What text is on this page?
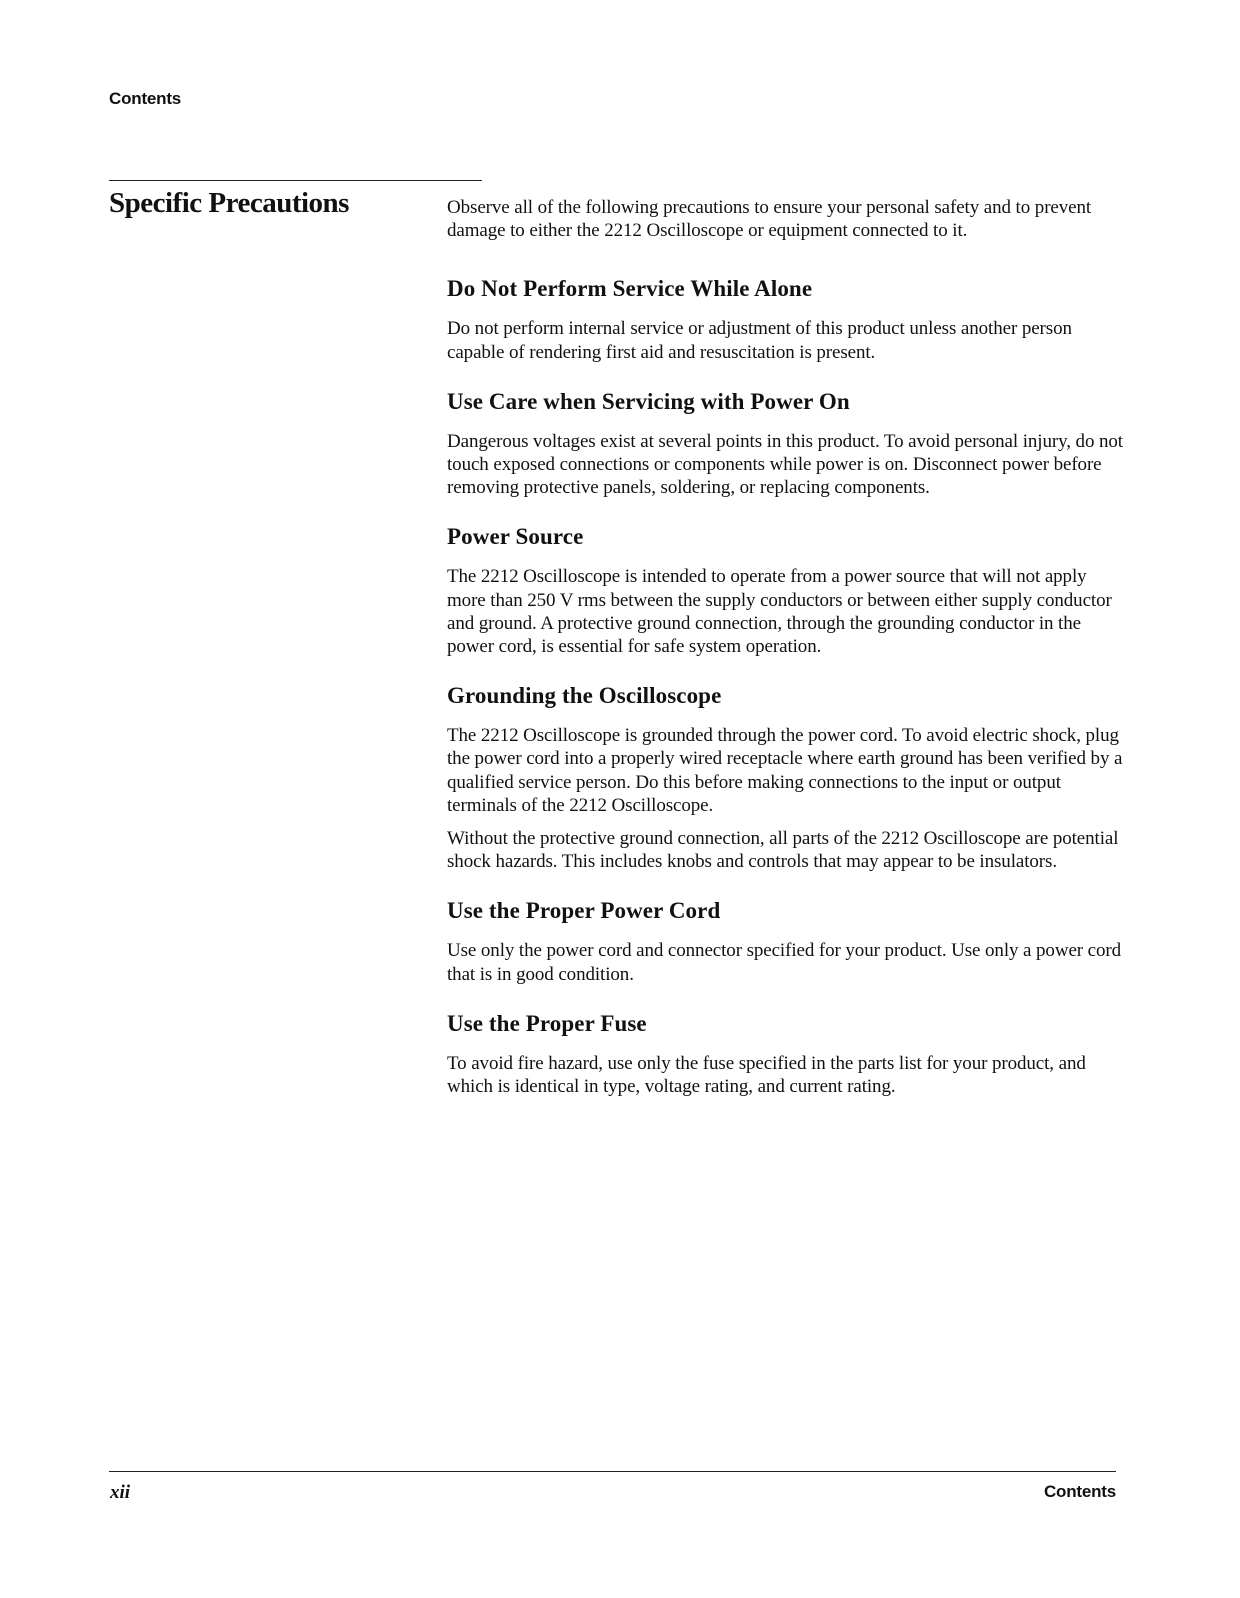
Contents
Specific Precautions	Observe all of the following precautions to ensure your personal safety and to prevent damage to either the 2212 Oscilloscope or equipment connected to it.

Do Not Perform Service While Alone

Do not perform internal service or adjustment of this product unless another person capable of rendering first aid and resuscitation is present.

Use Care when Servicing with Power On

Dangerous voltages exist at several points in this product. To avoid personal injury, do not touch exposed connections or components while power is on. Disconnect power before removing protective panels, soldering, or replacing components.

Power Source

The 2212 Oscilloscope is intended to operate from a power source that will not apply more than 250 V rms between the supply conductors or between either supply conductor and ground. A protective ground connection, through the grounding conductor in the power cord, is essential for safe system operation.

Grounding the Oscilloscope

The 2212 Oscilloscope is grounded through the power cord. To avoid electric shock, plug the power cord into a properly wired receptacle where earth ground has been verified by a qualified service person. Do this before making connections to the input or output terminals of the 2212 Oscilloscope.

Without the protective ground connection, all parts of the 2212 Oscilloscope are potential shock hazards. This includes knobs and controls that may appear to be insulators.

Use the Proper Power Cord

Use only the power cord and connector specified for your product. Use only a power cord that is in good condition.

Use the Proper Fuse

To avoid fire hazard, use only the fuse specified in the parts list for your product, and which is identical in type, voltage rating, and current rating.

xii	Contents
